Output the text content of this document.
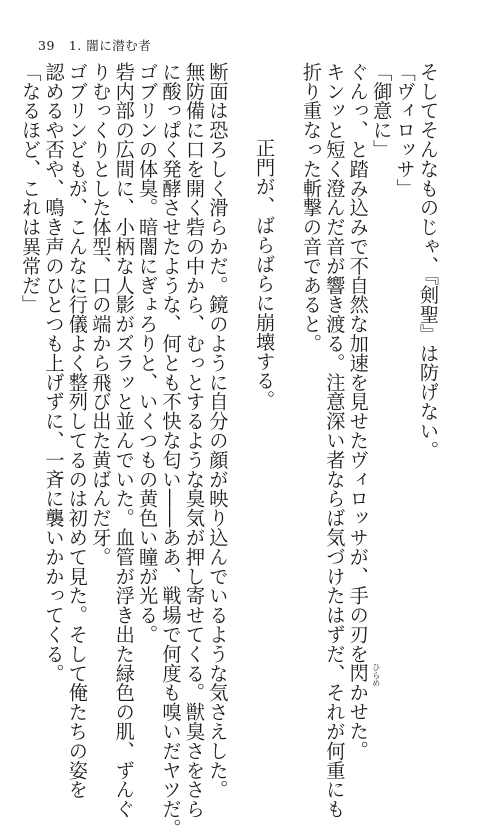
39 1. 闇に潜む者
そしてそんなものじゃ、『剣聖』は防げない。
「ヴィロッサ」
「御意に」
ぐんっ、と踏み込みで不自然な加速を見せたヴィロッサが、手の刃を
ひらめ
閃かせた。
キンッと短く澄んだ音が響き渡る。注意深い者ならば気づけたはずだ、それが何重にも
折り重なった斬撃の音であると。
正門が、ばらばらに崩壊する。
断面は恐ろしく滑らかだ。鏡のように自分の顔が映り込んでいるような気さえした。
無防備に口を開く砦の中から、むっとするような臭気が押し寄せてくる。獣臭さをさら
に酸っぱく発酵させたような、何とも不快な匂い――ああ、戦場で何度も嗅いだヤツだ。
ゴブリンの体臭。暗闇にぎょろりと、いくつもの黄色い瞳が光る。
砦内部の広間に、小柄な人影がズラッと並んでいた。血管が浮き出た緑色の肌、ずんぐ
りむっくりとした体型、口の端から飛び出た黄ばんだ牙。
ゴブリンどもが、こんなに行儀よく整列してるのは初めて見た。そして俺たちの姿を
認めるや否や、鳴き声のひとつも上げずに、一斉に襲いかかってくる。
「なるほど、これは異常だ」
